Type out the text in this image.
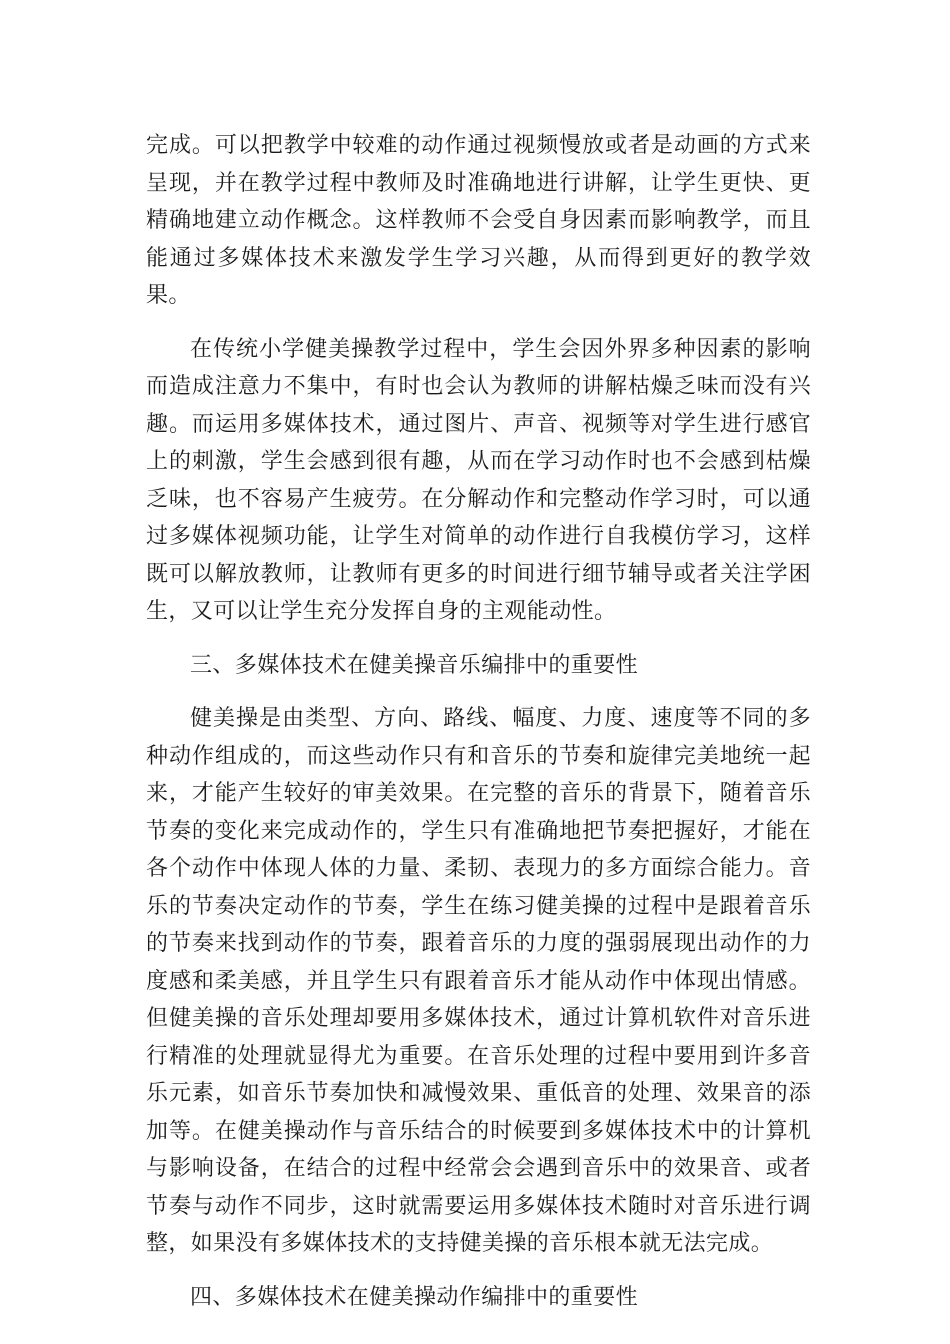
完成。可以把教学中较难的动作通过视频慢放或者是动画的方式来呈现，并在教学过程中教师及时准确地进行讲解，让学生更快、更精确地建立动作概念。这样教师不会受自身因素而影响教学，而且能通过多媒体技术来激发学生学习兴趣，从而得到更好的教学效果。

在传统小学健美操教学过程中，学生会因外界多种因素的影响而造成注意力不集中，有时也会认为教师的讲解枯燥乏味而没有兴趣。而运用多媒体技术，通过图片、声音、视频等对学生进行感官上的刺激，学生会感到很有趣，从而在学习动作时也不会感到枯燥乏味，也不容易产生疲劳。在分解动作和完整动作学习时，可以通过多媒体视频功能，让学生对简单的动作进行自我模仿学习，这样既可以解放教师，让教师有更多的时间进行细节辅导或者关注学困生，又可以让学生充分发挥自身的主观能动性。

三、多媒体技术在健美操音乐编排中的重要性

健美操是由类型、方向、路线、幅度、力度、速度等不同的多种动作组成的，而这些动作只有和音乐的节奏和旋律完美地统一起来，才能产生较好的审美效果。在完整的音乐的背景下，随着音乐节奏的变化来完成动作的，学生只有准确地把节奏把握好，才能在各个动作中体现人体的力量、柔韧、表现力的多方面综合能力。音乐的节奏决定动作的节奏，学生在练习健美操的过程中是跟着音乐的节奏来找到动作的节奏，跟着音乐的力度的强弱展现出动作的力度感和柔美感，并且学生只有跟着音乐才能从动作中体现出情感。但健美操的音乐处理却要用多媒体技术，通过计算机软件对音乐进行精准的处理就显得尤为重要。在音乐处理的过程中要用到许多音乐元素，如音乐节奏加快和减慢效果、重低音的处理、效果音的添加等。在健美操动作与音乐结合的时候要到多媒体技术中的计算机与影响设备，在结合的过程中经常会会遇到音乐中的效果音、或者节奏与动作不同步，这时就需要运用多媒体技术随时对音乐进行调整，如果没有多媒体技术的支持健美操的音乐根本就无法完成。

四、多媒体技术在健美操动作编排中的重要性
